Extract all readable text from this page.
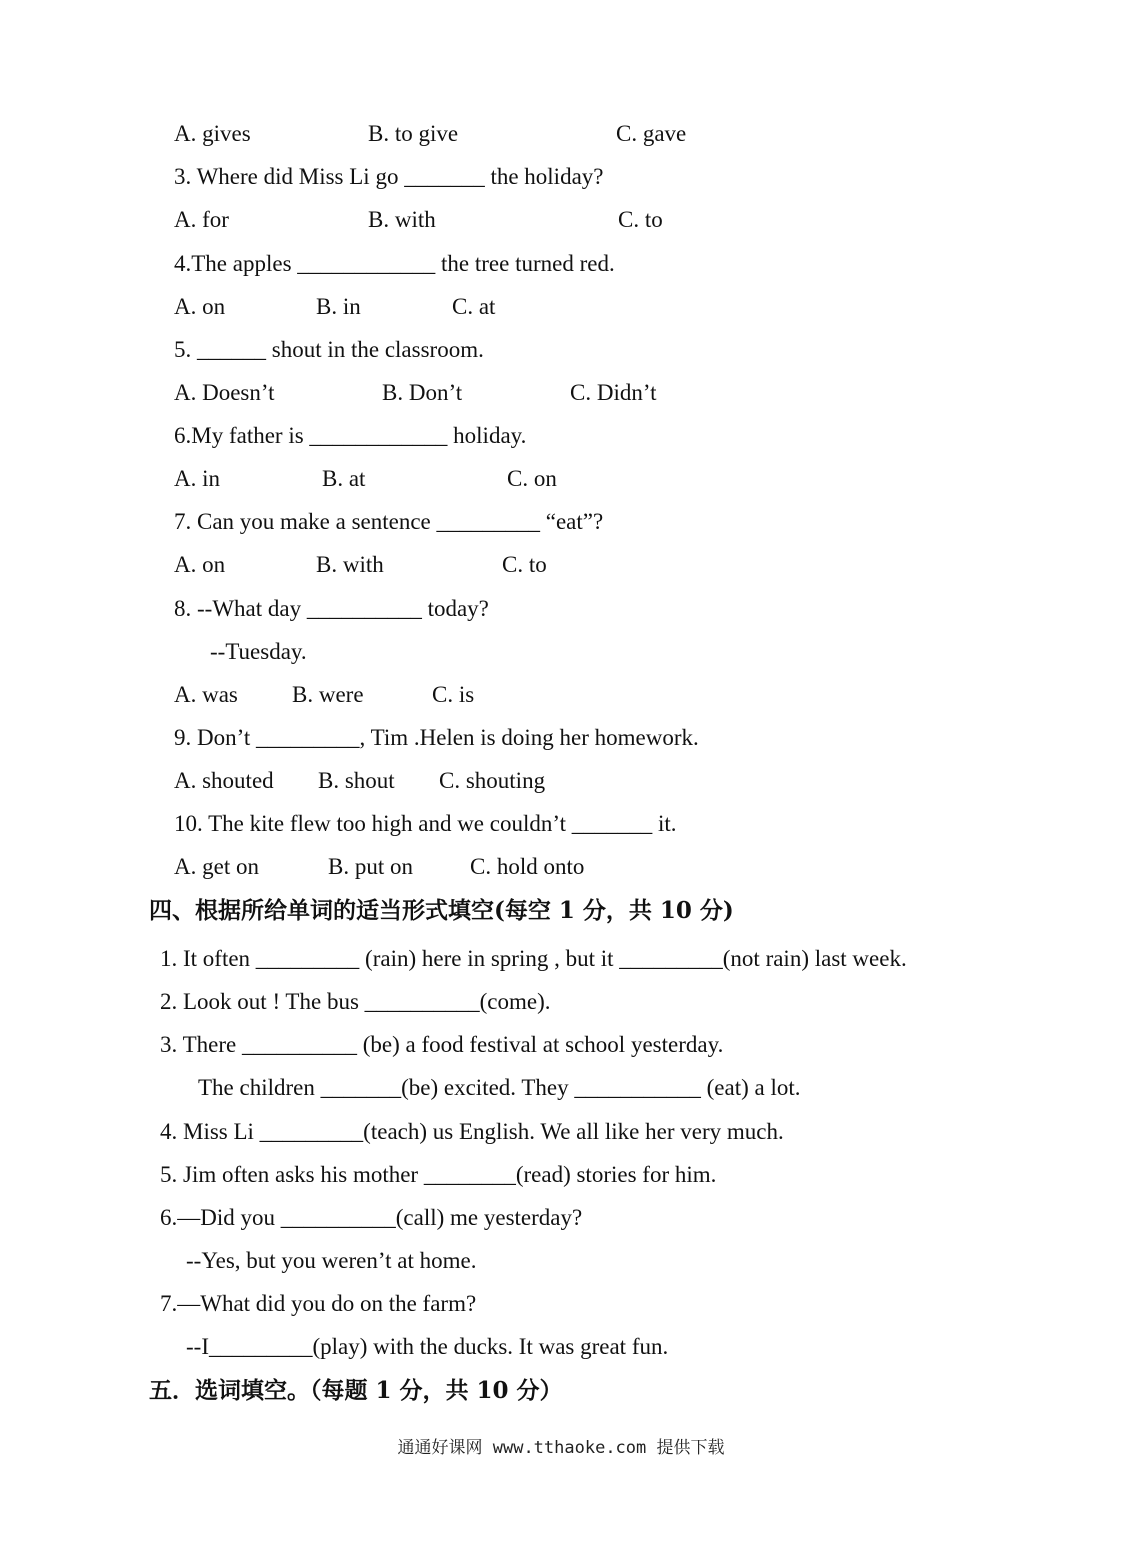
A. gives	B. to give	C. gave
3. Where did Miss Li go _______ the holiday?
A. for	B. with	C. to
4.The apples ____________ the tree turned red.
A. on	B. in	C. at
5. ______ shout in the classroom.
A. Doesn’t	B. Don’t	C. Didn’t
6.My father is ____________ holiday.
A. in	B. at	C. on
7. Can you make a sentence _________ “eat”?
A. on	B. with	C. to
8. --What day __________ today?
--Tuesday.
A. was B. were	C. is
9. Don’t _________, Tim .Helen is doing her homework.
A. shouted B. shout C. shouting
10. The kite flew too high and we couldn’t _______ it.
A. get on	B. put on C. hold onto
四、根据所给单词的适当形式填空(每空 1 分，共 10 分)
1. It often _________ (rain) here in spring , but it _________(not rain) last week.
2. Look out ! The bus __________(come).
3. There __________ (be) a food festival at school yesterday.
The children _______(be) excited. They ___________ (eat) a lot.
4. Miss Li _________(teach) us English. We all like her very much.
5. Jim often asks his mother ________(read) stories for him.
6.—Did you __________(call) me yesterday?
--Yes, but you weren’t at home.
7.—What did you do on the farm?
--I_________(play) with the ducks. It was great fun.
五．选词填空。（每题 1 分，共 10 分）
通通好课网 www.tthaoke.com 提供下载
